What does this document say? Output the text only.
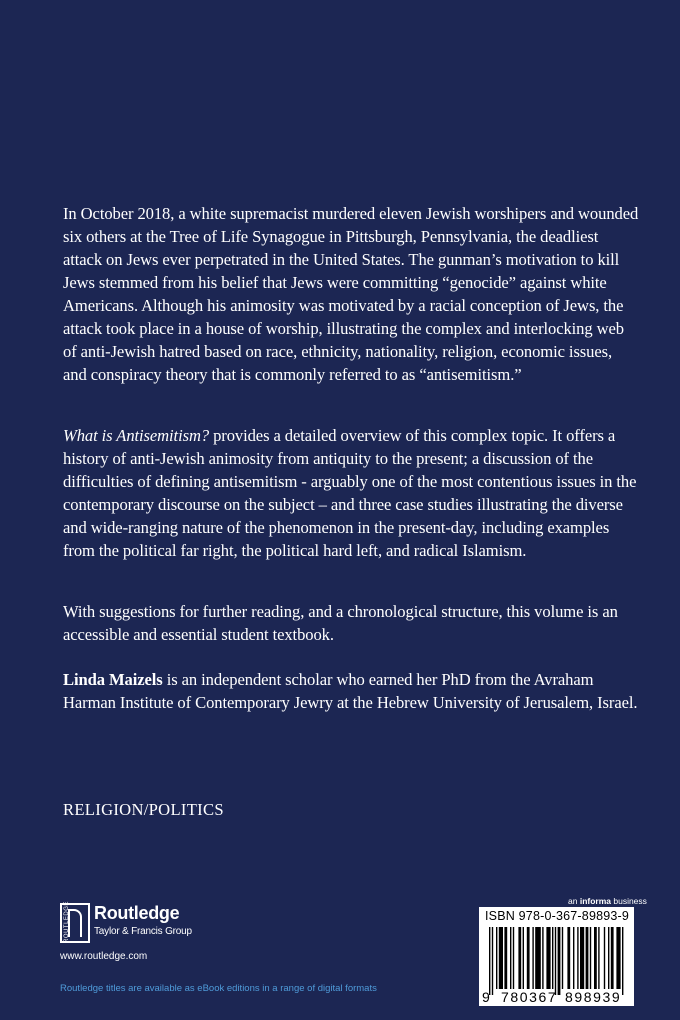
In October 2018, a white supremacist murdered eleven Jewish worshipers and wounded six others at the Tree of Life Synagogue in Pittsburgh, Pennsylvania, the deadliest attack on Jews ever perpetrated in the United States. The gunman’s motivation to kill Jews stemmed from his belief that Jews were committing “genocide” against white Americans. Although his animosity was motivated by a racial conception of Jews, the attack took place in a house of worship, illustrating the complex and interlocking web of anti-Jewish hatred based on race, ethnicity, nationality, religion, economic issues, and conspiracy theory that is commonly referred to as “antisemitism.”

What is Antisemitism? provides a detailed overview of this complex topic. It offers a history of anti-Jewish animosity from antiquity to the present; a discussion of the difficulties of defining antisemitism - arguably one of the most contentious issues in the contemporary discourse on the subject – and three case studies illustrating the diverse and wide-ranging nature of the phenomenon in the present-day, including examples from the political far right, the political hard left, and radical Islamism.

With suggestions for further reading, and a chronological structure, this volume is an accessible and essential student textbook.

Linda Maizels is an independent scholar who earned her PhD from the Avraham Harman Institute of Contemporary Jewry at the Hebrew University of Jerusalem, Israel.

RELIGION/POLITICS
ROUTLEDGE Routledge
Taylor & Francis Group
www.routledge.com
Routledge titles are available as eBook editions in a range of digital formats
an informa business
ISBN 978-0-367-89893-9
9 780367 898939
